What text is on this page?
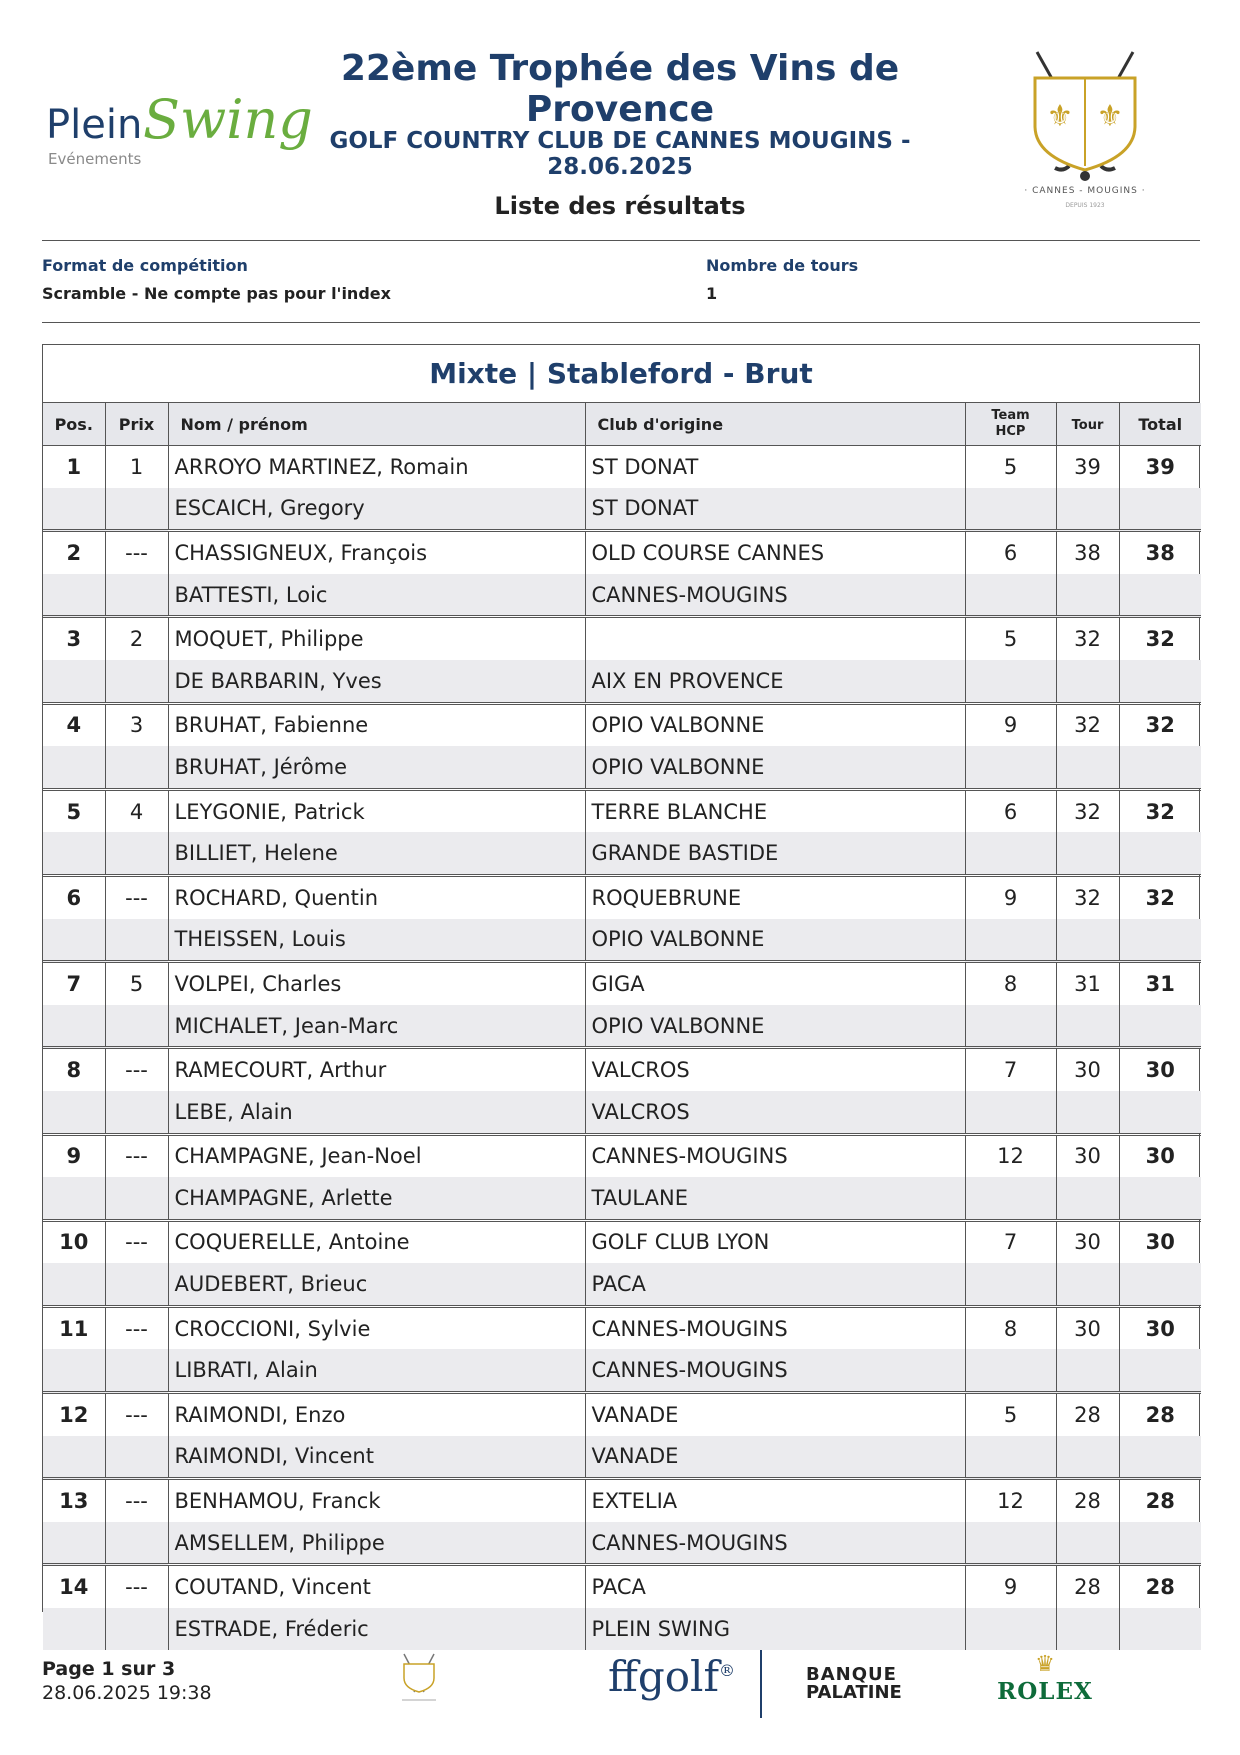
Plein Swing
Evénements
22ème Trophée des Vins de Provence
GOLF COUNTRY CLUB DE CANNES MOUGINS - 28.06.2025
Liste des résultats
⚜ ⚜
· CANNES - MOUGINS ·
DEPUIS 1923
Format de compétition
Scramble - Ne compte pas pour l'index
Nombre de tours
1
Mixte | Stableford - Brut
Pos.	Prix	Nom / prénom	Club d'origine	Team
HCP	Tour	Total
1	1	ARROYO MARTINEZ, Romain	ST DONAT	5	39	39
		ESCAICH, Gregory	ST DONAT			
2	---	CHASSIGNEUX, François	OLD COURSE CANNES	6	38	38
		BATTESTI, Loic	CANNES-MOUGINS			
3	2	MOQUET, Philippe		5	32	32
		DE BARBARIN, Yves	AIX EN PROVENCE			
4	3	BRUHAT, Fabienne	OPIO VALBONNE	9	32	32
		BRUHAT, Jérôme	OPIO VALBONNE			
5	4	LEYGONIE, Patrick	TERRE BLANCHE	6	32	32
		BILLIET, Helene	GRANDE BASTIDE			
6	---	ROCHARD, Quentin	ROQUEBRUNE	9	32	32
		THEISSEN, Louis	OPIO VALBONNE			
7	5	VOLPEI, Charles	GIGA	8	31	31
		MICHALET, Jean-Marc	OPIO VALBONNE			
8	---	RAMECOURT, Arthur	VALCROS	7	30	30
		LEBE, Alain	VALCROS			
9	---	CHAMPAGNE, Jean-Noel	CANNES-MOUGINS	12	30	30
		CHAMPAGNE, Arlette	TAULANE			
10	---	COQUERELLE, Antoine	GOLF CLUB LYON	7	30	30
		AUDEBERT, Brieuc	PACA			
11	---	CROCCIONI, Sylvie	CANNES-MOUGINS	8	30	30
		LIBRATI, Alain	CANNES-MOUGINS			
12	---	RAIMONDI, Enzo	VANADE	5	28	28
		RAIMONDI, Vincent	VANADE			
13	---	BENHAMOU, Franck	EXTELIA	12	28	28
		AMSELLEM, Philippe	CANNES-MOUGINS			
14	---	COUTAND, Vincent	PACA	9	28	28
		ESTRADE, Fréderic	PLEIN SWING			
Page 1 sur 3
28.06.2025 19:38	ffgolf®	BANQUE
PALATINE
♛
ROLEX
